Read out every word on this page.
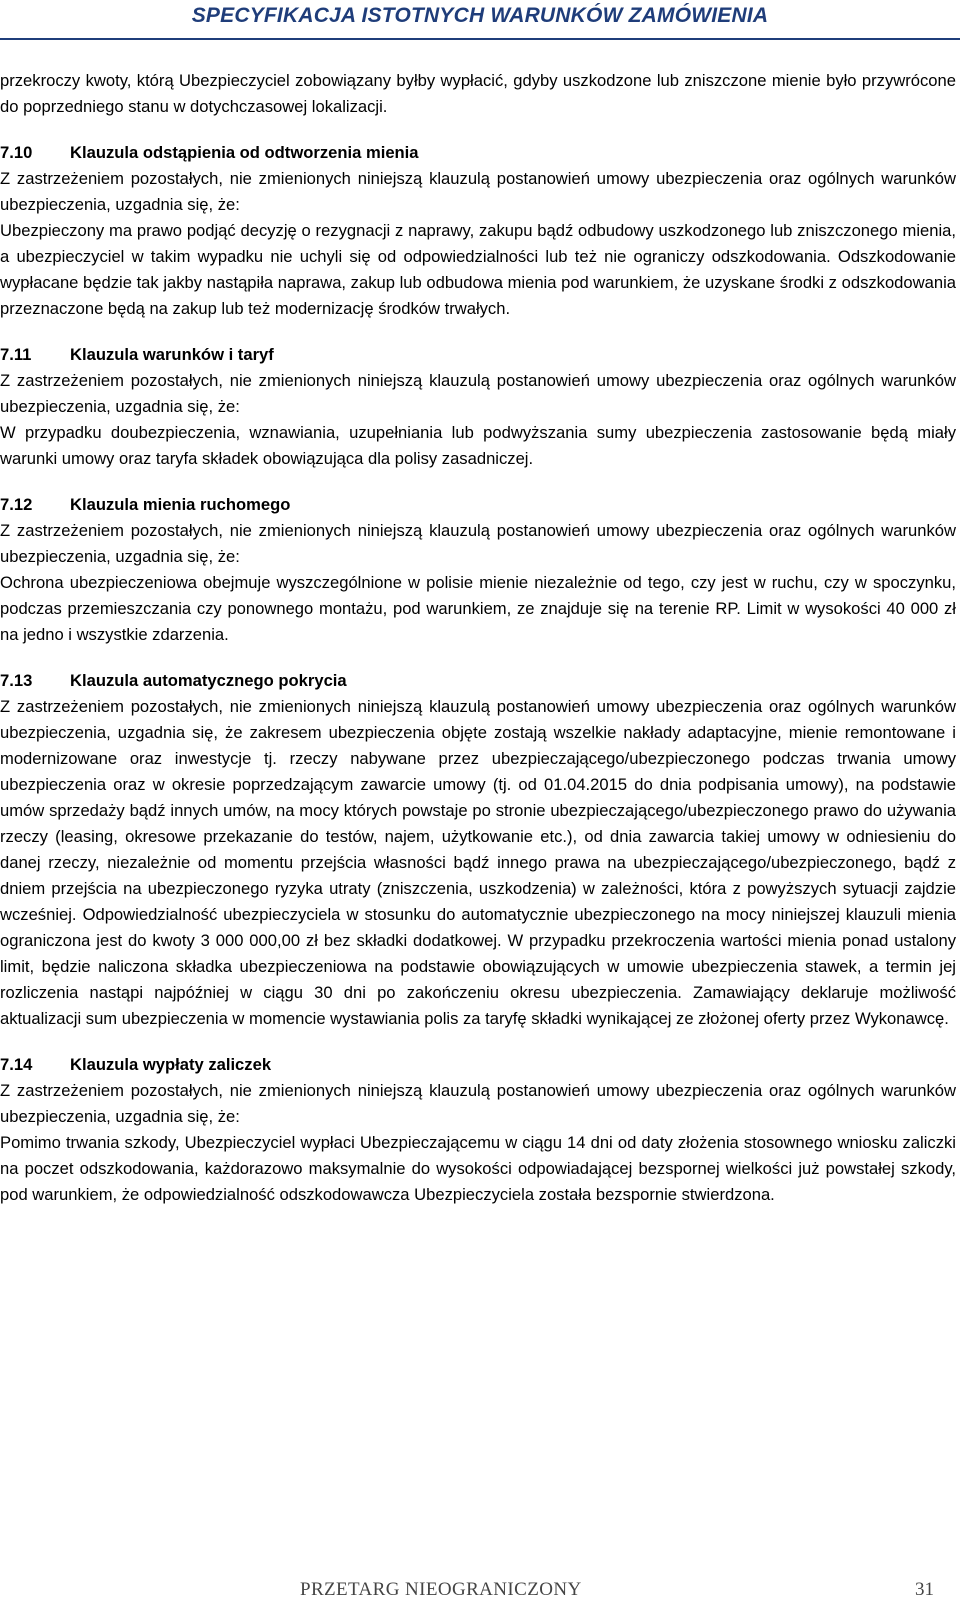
SPECYFIKACJA ISTOTNYCH WARUNKÓW ZAMÓWIENIA

przekroczy kwoty, którą Ubezpieczyciel zobowiązany byłby wypłacić, gdyby uszkodzone lub zniszczone mienie było przywrócone do poprzedniego stanu w dotychczasowej lokalizacji.

7.10	Klauzula odstąpienia od odtworzenia mienia

Z zastrzeżeniem pozostałych, nie zmienionych niniejszą klauzulą postanowień umowy ubezpieczenia oraz ogólnych warunków ubezpieczenia, uzgadnia się, że:

Ubezpieczony ma prawo podjąć decyzję o rezygnacji z naprawy, zakupu bądź odbudowy uszkodzonego lub zniszczonego mienia, a ubezpieczyciel w takim wypadku nie uchyli się od odpowiedzialności lub też nie ograniczy odszkodowania. Odszkodowanie wypłacane będzie tak jakby nastąpiła naprawa, zakup lub odbudowa mienia pod warunkiem, że uzyskane środki z odszkodowania przeznaczone będą na zakup lub też modernizację środków trwałych.

7.11	Klauzula warunków i taryf

Z zastrzeżeniem pozostałych, nie zmienionych niniejszą klauzulą postanowień umowy ubezpieczenia oraz ogólnych warunków ubezpieczenia, uzgadnia się, że:

W przypadku doubezpieczenia, wznawiania, uzupełniania lub podwyższania sumy ubezpieczenia zastosowanie będą miały warunki umowy oraz taryfa składek obowiązująca dla polisy zasadniczej.

7.12	Klauzula mienia ruchomego

Z zastrzeżeniem pozostałych, nie zmienionych niniejszą klauzulą postanowień umowy ubezpieczenia oraz ogólnych warunków ubezpieczenia, uzgadnia się, że:

Ochrona ubezpieczeniowa obejmuje wyszczególnione w polisie mienie niezależnie od tego, czy jest w ruchu, czy w spoczynku, podczas przemieszczania czy ponownego montażu, pod warunkiem, ze znajduje się na terenie RP. Limit w wysokości 40 000 zł na jedno i wszystkie zdarzenia.

7.13	Klauzula automatycznego pokrycia

Z zastrzeżeniem pozostałych, nie zmienionych niniejszą klauzulą postanowień umowy ubezpieczenia oraz ogólnych warunków ubezpieczenia, uzgadnia się, że zakresem ubezpieczenia objęte zostają wszelkie nakłady adaptacyjne, mienie remontowane i modernizowane oraz inwestycje tj. rzeczy nabywane przez ubezpieczającego/ubezpieczonego podczas trwania umowy ubezpieczenia oraz w okresie poprzedzającym zawarcie umowy (tj. od 01.04.2015 do dnia podpisania umowy), na podstawie umów sprzedaży bądź innych umów, na mocy których powstaje po stronie ubezpieczającego/ubezpieczonego prawo do używania rzeczy (leasing, okresowe przekazanie do testów, najem, użytkowanie etc.), od dnia zawarcia takiej umowy w odniesieniu do danej rzeczy, niezależnie od momentu przejścia własności bądź innego prawa na ubezpieczającego/ubezpieczonego, bądź z dniem przejścia na ubezpieczonego ryzyka utraty (zniszczenia, uszkodzenia) w zależności, która z powyższych sytuacji zajdzie wcześniej. Odpowiedzialność ubezpieczyciela w stosunku do automatycznie ubezpieczonego na mocy niniejszej klauzuli mienia ograniczona jest do kwoty 3 000 000,00 zł bez składki dodatkowej. W przypadku przekroczenia wartości mienia ponad ustalony limit, będzie naliczona składka ubezpieczeniowa na podstawie obowiązujących w umowie ubezpieczenia stawek, a termin jej rozliczenia nastąpi najpóźniej w ciągu 30 dni po zakończeniu okresu ubezpieczenia. Zamawiający deklaruje możliwość aktualizacji sum ubezpieczenia w momencie wystawiania polis za taryfę składki wynikającej ze złożonej oferty przez Wykonawcę.

7.14	Klauzula wypłaty zaliczek

Z zastrzeżeniem pozostałych, nie zmienionych niniejszą klauzulą postanowień umowy ubezpieczenia oraz ogólnych warunków ubezpieczenia, uzgadnia się, że:

Pomimo trwania szkody, Ubezpieczyciel wypłaci Ubezpieczającemu w ciągu 14 dni od daty złożenia stosownego wniosku zaliczki na poczet odszkodowania, każdorazowo maksymalnie do wysokości odpowiadającej bezspornej wielkości już powstałej szkody, pod warunkiem, że odpowiedzialność odszkodowawcza Ubezpieczyciela została bezspornie stwierdzona.

PRZETARG NIEOGRANICZONY	31
